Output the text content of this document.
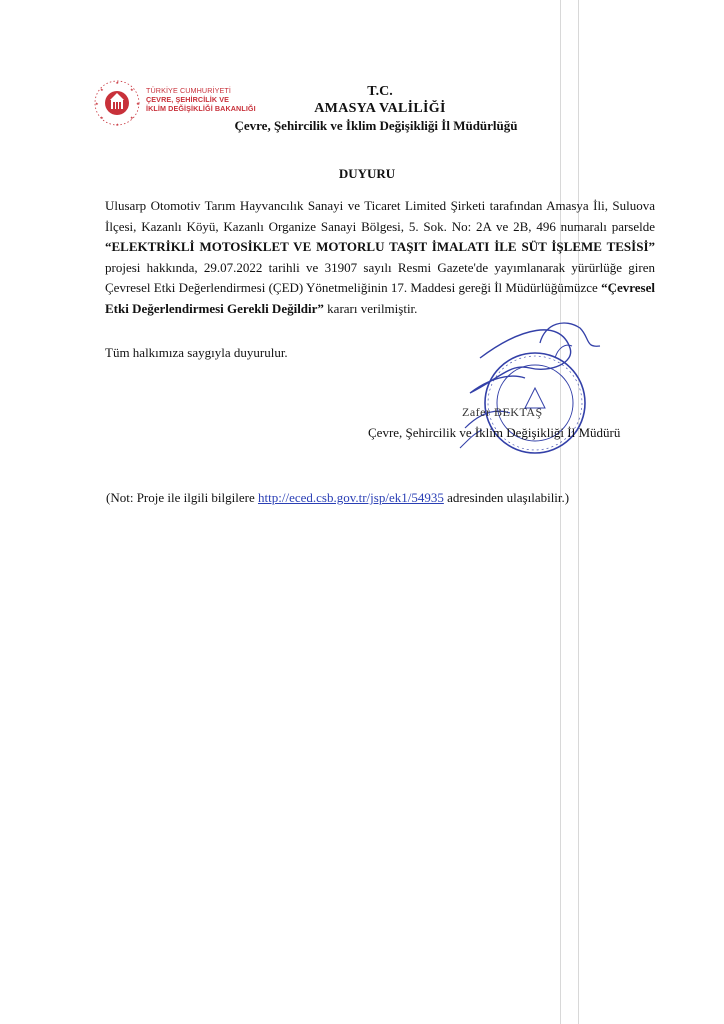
★
★	★
★	★
★	★
★
TÜRKİYE CUMHURİYETİ
ÇEVRE, ŞEHİRCİLİK VE
İKLİM DEĞİŞİKLİĞİ BAKANLIĞI
T.C.
AMASYA VALİLİĞİ
Çevre, Şehircilik ve İklim Değişikliği İl Müdürlüğü
DUYURU

Ulusarp Otomotiv Tarım Hayvancılık Sanayi ve Ticaret Limited Şirketi tarafından Amasya İli, Suluova İlçesi, Kazanlı Köyü, Kazanlı Organize Sanayi Bölgesi, 5. Sok. No: 2A ve 2B, 496 numaralı parselde “ELEKTRİKLİ MOTOSİKLET VE MOTORLU TAŞIT İMALATI İLE SÜT İŞLEME TESİSİ” projesi hakkında, 29.07.2022 tarihli ve 31907 sayılı Resmi Gazete'de yayımlanarak yürürlüğe giren Çevresel Etki Değerlendirmesi (ÇED) Yönetmeliğinin 17. Maddesi gereği İl Müdürlüğümüzce “Çevresel Etki Değerlendirmesi Gerekli Değildir” kararı verilmiştir.

Tüm halkımıza saygıyla duyurulur.
Zafer BEKTAŞ
Çevre, Şehircilik ve İklim Değişikliği İl Müdürü
(Not: Proje ile ilgili bilgilere http://eced.csb.gov.tr/jsp/ek1/54935 adresinden ulaşılabilir.)
